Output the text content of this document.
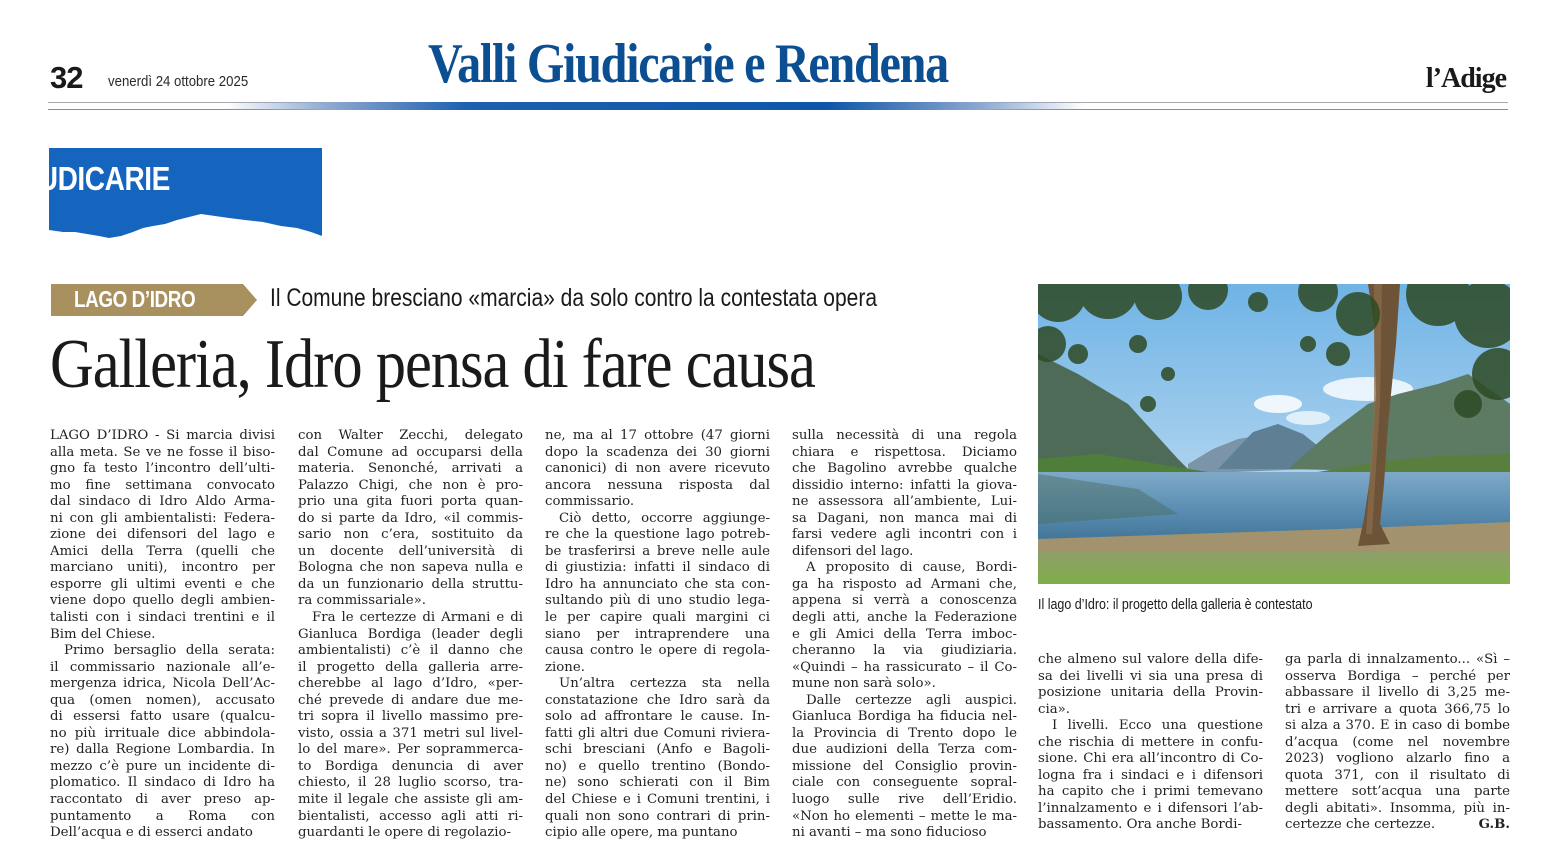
32 venerdì 24 ottobre 2025	Valli Giudicarie e Rendena	l’Adige
GIUDICARIE
LAGO D’IDRO	Il Comune bresciano «marcia» da solo contro la contestata opera
Galleria, Idro pensa di fare causa
LAGO D’IDRO - Si marcia divisi
alla meta. Se ve ne fosse il biso-
gno fa testo l’incontro dell’ulti-
mo fine settimana convocato
dal sindaco di Idro Aldo Arma-
ni con gli ambientalisti: Federa-
zione dei difensori del lago e
Amici della Terra (quelli che
marciano uniti), incontro per
esporre gli ultimi eventi e che
viene dopo quello degli ambien-
talisti con i sindaci trentini e il
Bim del Chiese.
Primo bersaglio della serata:
il commissario nazionale all’e-
mergenza idrica, Nicola Dell’Ac-
qua (omen nomen), accusato
di essersi fatto usare (qualcu-
no più irrituale dice abbindola-
re) dalla Regione Lombardia. In
mezzo c’è pure un incidente di-
plomatico. Il sindaco di Idro ha
raccontato di aver preso ap-
puntamento a Roma con
Dell’acqua e di esserci andato
con Walter Zecchi, delegato
dal Comune ad occuparsi della
materia. Senonché, arrivati a
Palazzo Chigi, che non è pro-
prio una gita fuori porta quan-
do si parte da Idro, «il commis-
sario non c’era, sostituito da
un docente dell’università di
Bologna che non sapeva nulla e
da un funzionario della struttu-
ra commissariale».
Fra le certezze di Armani e di
Gianluca Bordiga (leader degli
ambientalisti) c’è il danno che
il progetto della galleria arre-
cherebbe al lago d’Idro, «per-
ché prevede di andare due me-
tri sopra il livello massimo pre-
visto, ossia a 371 metri sul livel-
lo del mare». Per soprammerca-
to Bordiga denuncia di aver
chiesto, il 28 luglio scorso, tra-
mite il legale che assiste gli am-
bientalisti, accesso agli atti ri-
guardanti le opere di regolazio-
ne, ma al 17 ottobre (47 giorni
dopo la scadenza dei 30 giorni
canonici) di non avere ricevuto
ancora nessuna risposta dal
commissario.
Ciò detto, occorre aggiunge-
re che la questione lago potreb-
be trasferirsi a breve nelle aule
di giustizia: infatti il sindaco di
Idro ha annunciato che sta con-
sultando più di uno studio lega-
le per capire quali margini ci
siano per intraprendere una
causa contro le opere di regola-
zione.
Un’altra certezza sta nella
constatazione che Idro sarà da
solo ad affrontare le cause. In-
fatti gli altri due Comuni riviera-
schi bresciani (Anfo e Bagoli-
no) e quello trentino (Bondo-
ne) sono schierati con il Bim
del Chiese e i Comuni trentini, i
quali non sono contrari di prin-
cipio alle opere, ma puntano
sulla necessità di una regola
chiara e rispettosa. Diciamo
che Bagolino avrebbe qualche
dissidio interno: infatti la giova-
ne assessora all’ambiente, Lui-
sa Dagani, non manca mai di
farsi vedere agli incontri con i
difensori del lago.
A proposito di cause, Bordi-
ga ha risposto ad Armani che,
appena si verrà a conoscenza
degli atti, anche la Federazione
e gli Amici della Terra imboc-
cheranno la via giudiziaria.
«Quindi – ha rassicurato – il Co-
mune non sarà solo».
Dalle certezze agli auspici.
Gianluca Bordiga ha fiducia nel-
la Provincia di Trento dopo le
due audizioni della Terza com-
missione del Consiglio provin-
ciale con conseguente sopral-
luogo sulle rive dell’Eridio.
«Non ho elementi – mette le ma-
ni avanti – ma sono fiducioso
che almeno sul valore della dife-
sa dei livelli vi sia una presa di
posizione unitaria della Provin-
cia».
I livelli. Ecco una questione
che rischia di mettere in confu-
sione. Chi era all’incontro di Co-
logna fra i sindaci e i difensori
ha capito che i primi temevano
l’innalzamento e i difensori l’ab-
bassamento. Ora anche Bordi-
ga parla di innalzamento... «Sì –
osserva Bordiga – perché per
abbassare il livello di 3,25 me-
tri e arrivare a quota 366,75 lo
si alza a 370. E in caso di bombe
d’acqua (come nel novembre
2023) vogliono alzarlo fino a
quota 371, con il risultato di
mettere sott’acqua una parte
degli abitati». Insomma, più in-
certezze che certezze.	G.B.
Il lago d’Idro: il progetto della galleria è contestato
